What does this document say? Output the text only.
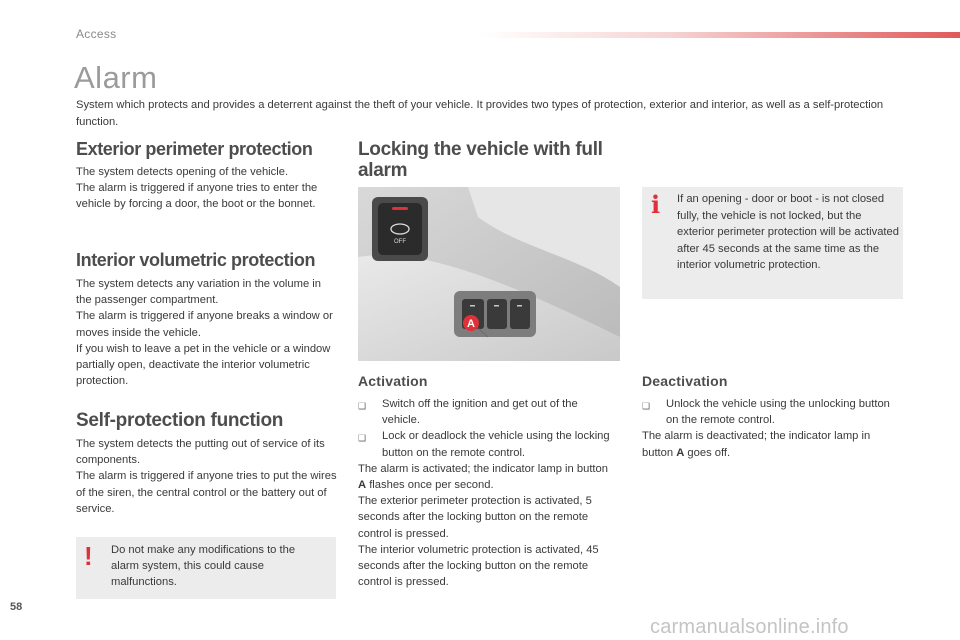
Access
Alarm
System which protects and provides a deterrent against the theft of your vehicle. It provides two types of protection, exterior and interior, as well as a self-protection function.
Exterior perimeter protection
The system detects opening of the vehicle.
The alarm is triggered if anyone tries to enter the vehicle by forcing a door, the boot or the bonnet.
Interior volumetric protection
The system detects any variation in the volume in the passenger compartment.
The alarm is triggered if anyone breaks a window or moves inside the vehicle.
If you wish to leave a pet in the vehicle or a window partially open, deactivate the interior volumetric protection.
Self-protection function
The system detects the putting out of service of its components.
The alarm is triggered if anyone tries to put the wires of the siren, the central control or the battery out of service.
! Do not make any modifications to the alarm system, this could cause malfunctions.
Locking the vehicle with full alarm
OFF
A
Activation
❑	Switch off the ignition and get out of the vehicle.
❑	Lock or deadlock the vehicle using the locking button on the remote control.
The alarm is activated; the indicator lamp in button A flashes once per second.
The exterior perimeter protection is activated, 5 seconds after the locking button on the remote control is pressed.
The interior volumetric protection is activated, 45 seconds after the locking button on the remote control is pressed.
i If an opening - door or boot - is not closed fully, the vehicle is not locked, but the exterior perimeter protection will be activated after 45 seconds at the same time as the interior volumetric protection.
Deactivation
❑	Unlock the vehicle using the unlocking button on the remote control.
The alarm is deactivated; the indicator lamp in button A goes off.
58
carmanualsonline.info
